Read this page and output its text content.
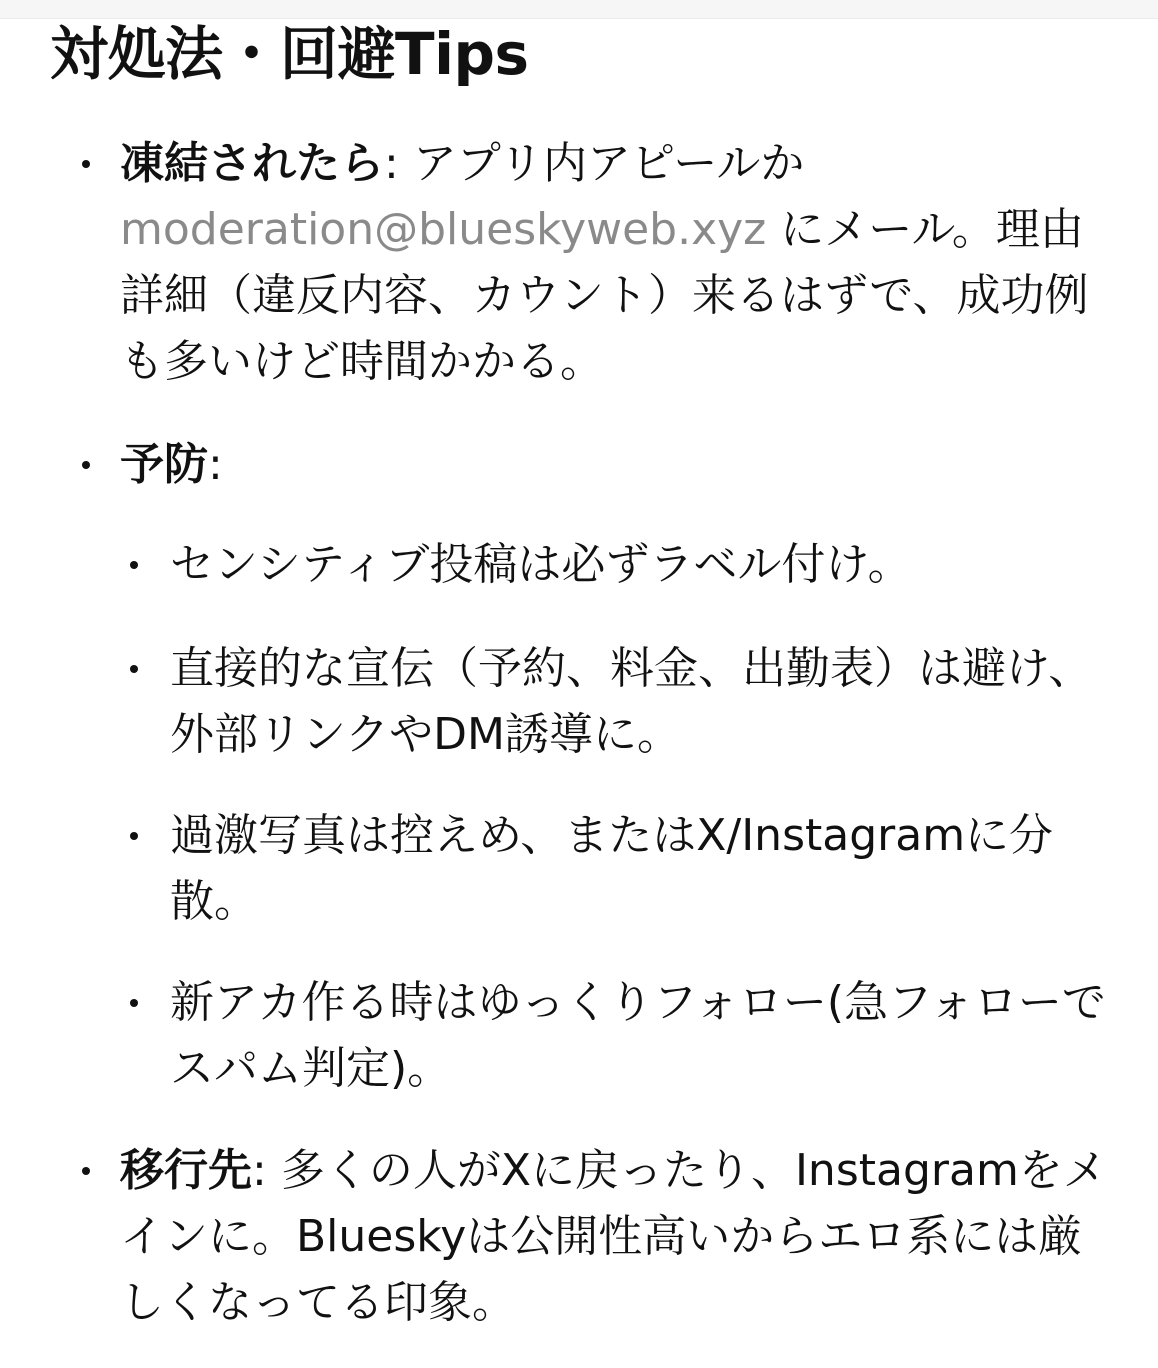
対処法・回避Tips
凍結されたら: アプリ内アピールか
moderation@blueskyweb.xyz にメール。理由詳細（違反内容、カウント）来るはずで、成功例も多いけど時間かかる。
予防:
センシティブ投稿は必ずラベル付け。
直接的な宣伝（予約、料金、出勤表）は避け、外部リンクやDM誘導に。
過激写真は控えめ、またはX/Instagramに分散。
新アカ作る時はゆっくりフォロー(急フォローでスパム判定)。
移行先: 多くの人がXに戻ったり、Instagramをメインに。Blueskyは公開性高いからエロ系には厳しくなってる印象。
